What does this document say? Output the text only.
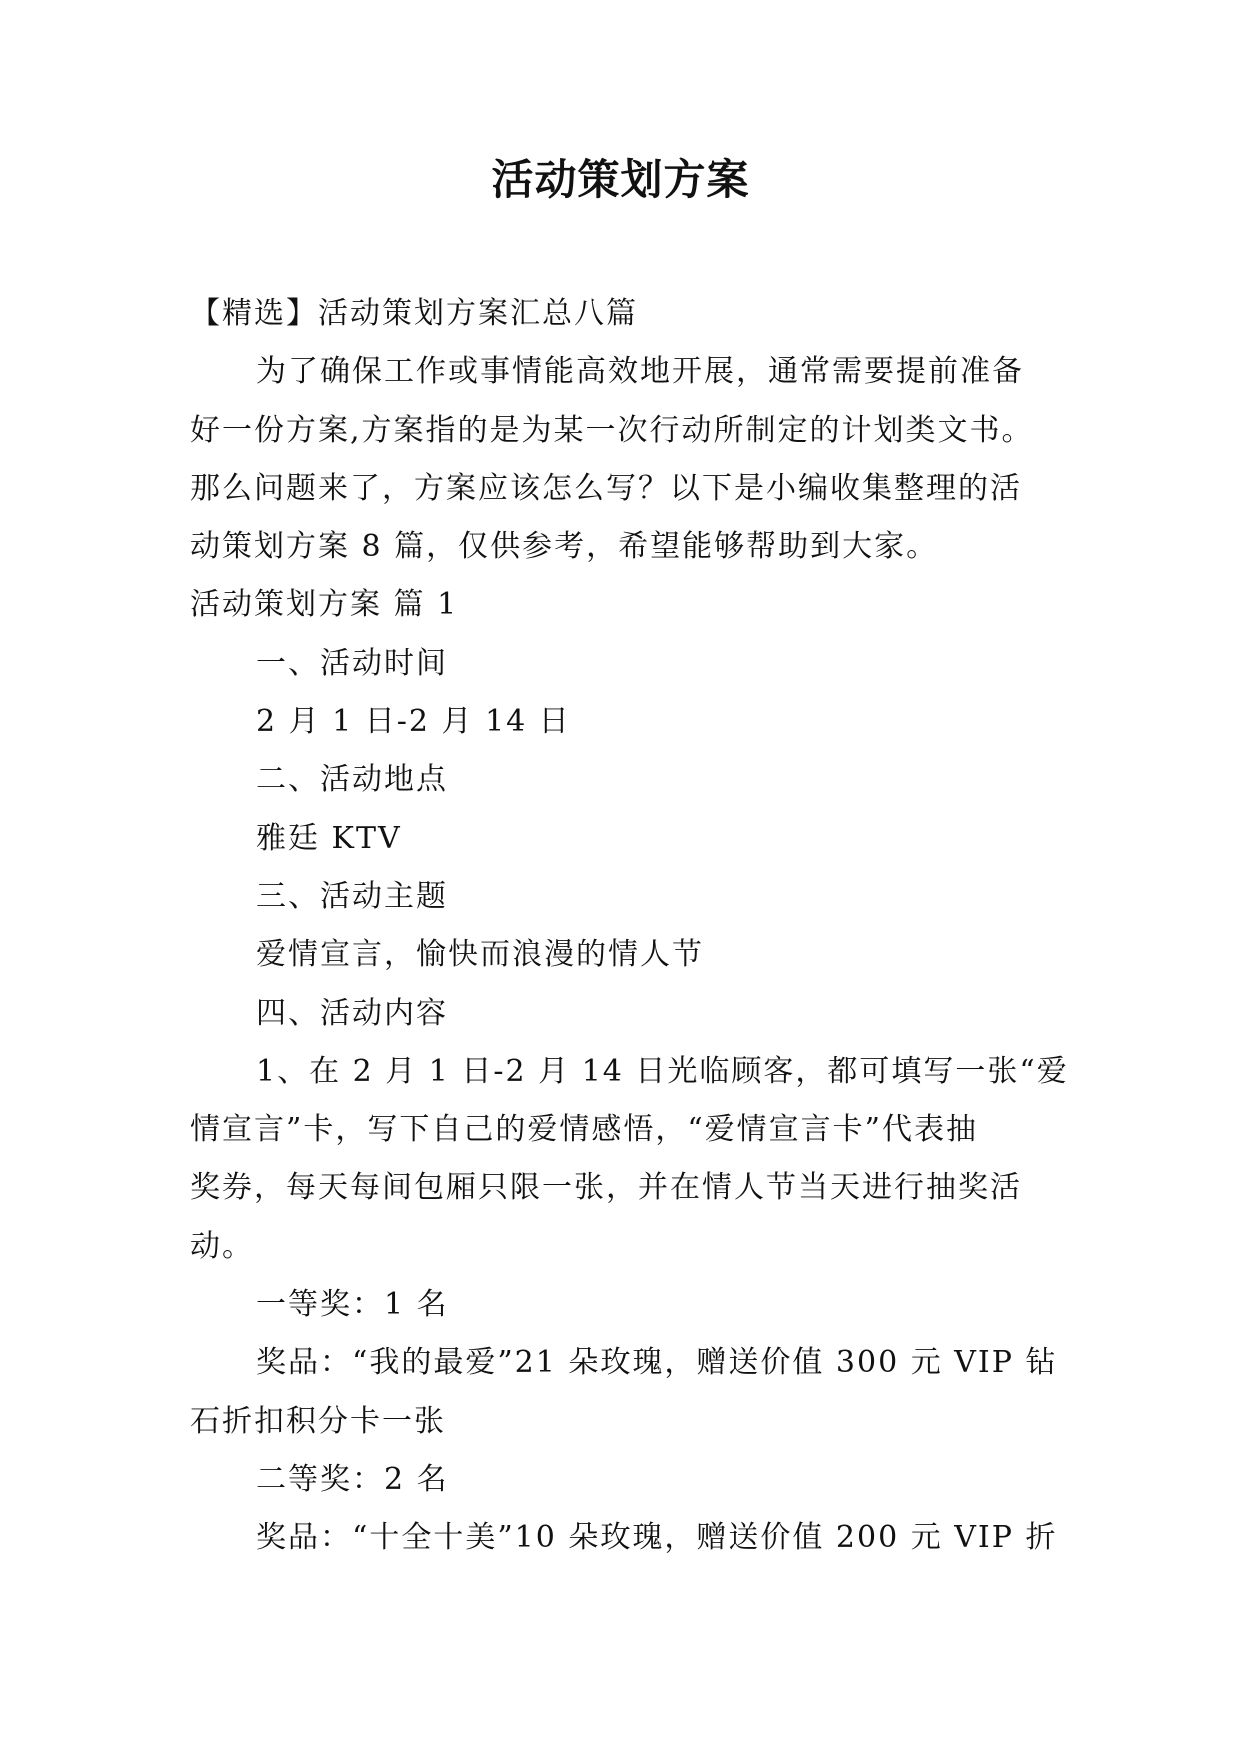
活动策划方案

【精选】活动策划方案汇总八篇

为了确保工作或事情能高效地开展，通常需要提前准备

好一份方案,方案指的是为某一次行动所制定的计划类文书。

那么问题来了，方案应该怎么写？以下是小编收集整理的活

动策划方案 8 篇，仅供参考，希望能够帮助到大家。

活动策划方案 篇 1

一、活动时间

2 月 1 日-2 月 14 日

二、活动地点

雅廷 KTV

三、活动主题

爱情宣言，愉快而浪漫的情人节

四、活动内容

1、在 2 月 1 日-2 月 14 日光临顾客，都可填写一张“爱

情宣言”卡，写下自己的爱情感悟，“爱情宣言卡”代表抽

奖券，每天每间包厢只限一张，并在情人节当天进行抽奖活

动。

一等奖：1 名

奖品：“我的最爱”21 朵玫瑰，赠送价值 300 元 VIP 钻

石折扣积分卡一张

二等奖：2 名

奖品：“十全十美”10 朵玫瑰，赠送价值 200 元 VIP 折
